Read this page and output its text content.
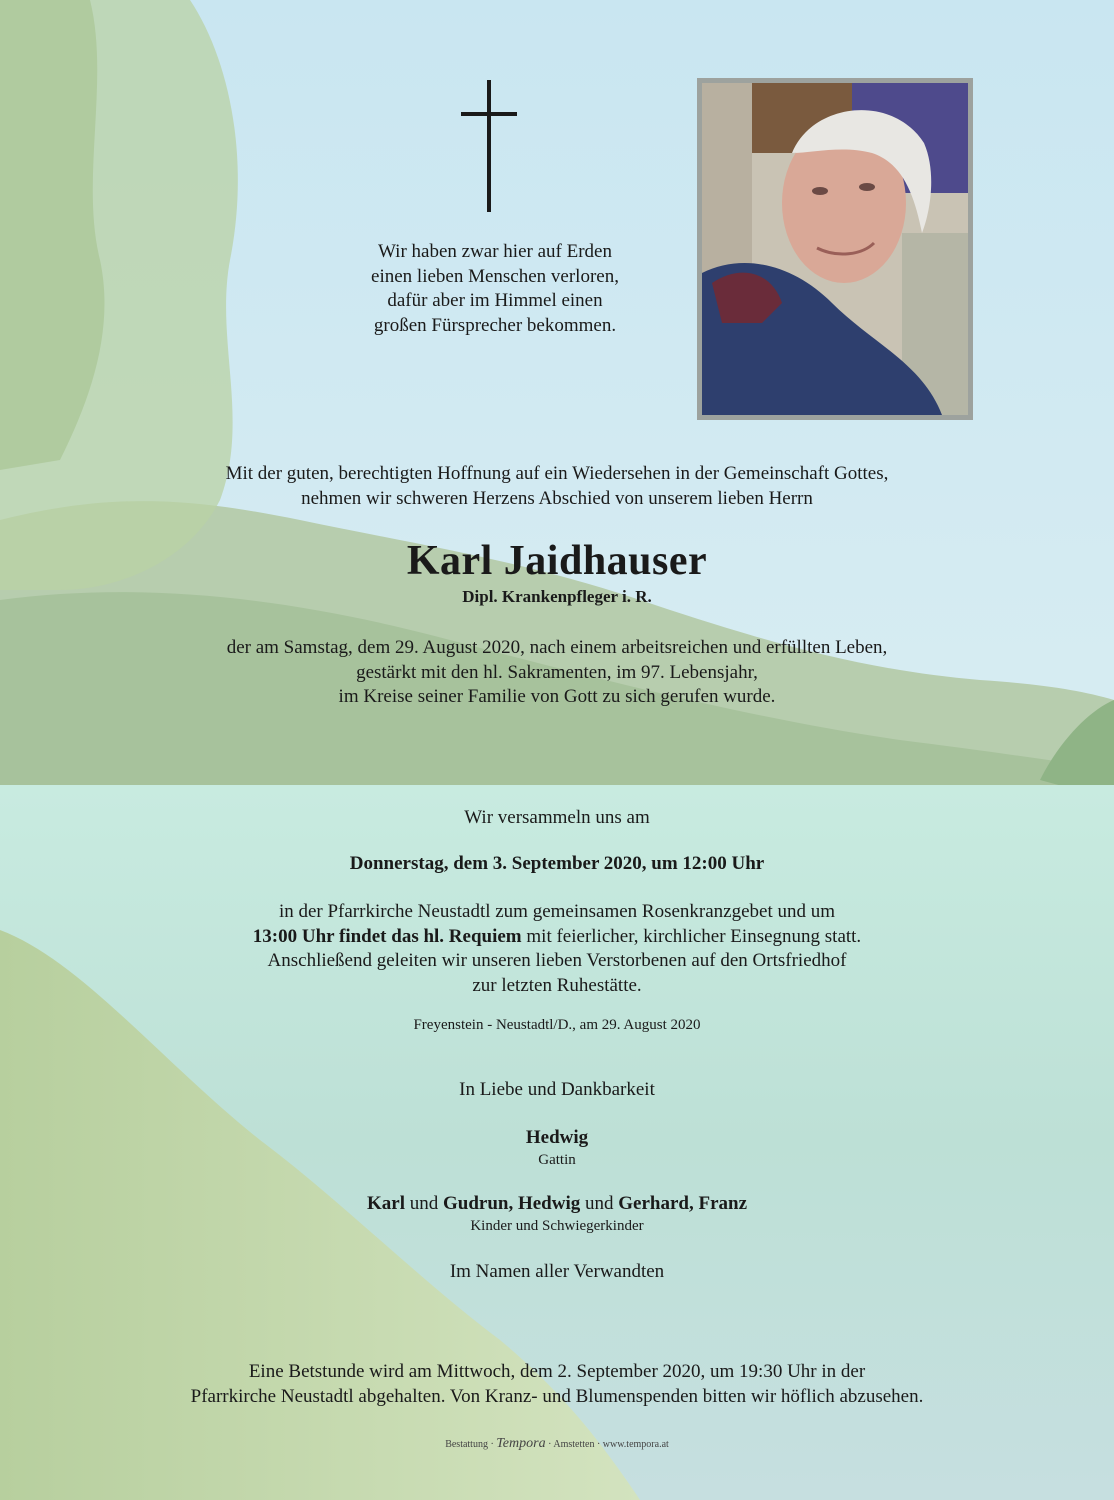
Wir haben zwar hier auf Erden
einen lieben Menschen verloren,
dafür aber im Himmel einen
großen Fürsprecher bekommen.
Mit der guten, berechtigten Hoffnung auf ein Wiedersehen in der Gemeinschaft Gottes,
nehmen wir schweren Herzens Abschied von unserem lieben Herrn
Karl Jaidhauser
Dipl. Krankenpfleger i. R.
der am Samstag, dem 29. August 2020, nach einem arbeitsreichen und erfüllten Leben,
gestärkt mit den hl. Sakramenten, im 97. Lebensjahr,
im Kreise seiner Familie von Gott zu sich gerufen wurde.
Wir versammeln uns am
Donnerstag, dem 3. September 2020, um 12:00 Uhr
in der Pfarrkirche Neustadtl zum gemeinsamen Rosenkranzgebet und um
13:00 Uhr findet das hl. Requiem mit feierlicher, kirchlicher Einsegnung statt.
Anschließend geleiten wir unseren lieben Verstorbenen auf den Ortsfriedhof
zur letzten Ruhestätte.
Freyenstein - Neustadtl/D., am 29. August 2020
In Liebe und Dankbarkeit
Hedwig
Gattin
Karl und Gudrun, Hedwig und Gerhard, Franz
Kinder und Schwiegerkinder
Im Namen aller Verwandten
Eine Betstunde wird am Mittwoch, dem 2. September 2020, um 19:30 Uhr in der
Pfarrkirche Neustadtl abgehalten. Von Kranz- und Blumenspenden bitten wir höflich abzusehen.
Bestattung · Tempora · Amstetten · www.tempora.at
